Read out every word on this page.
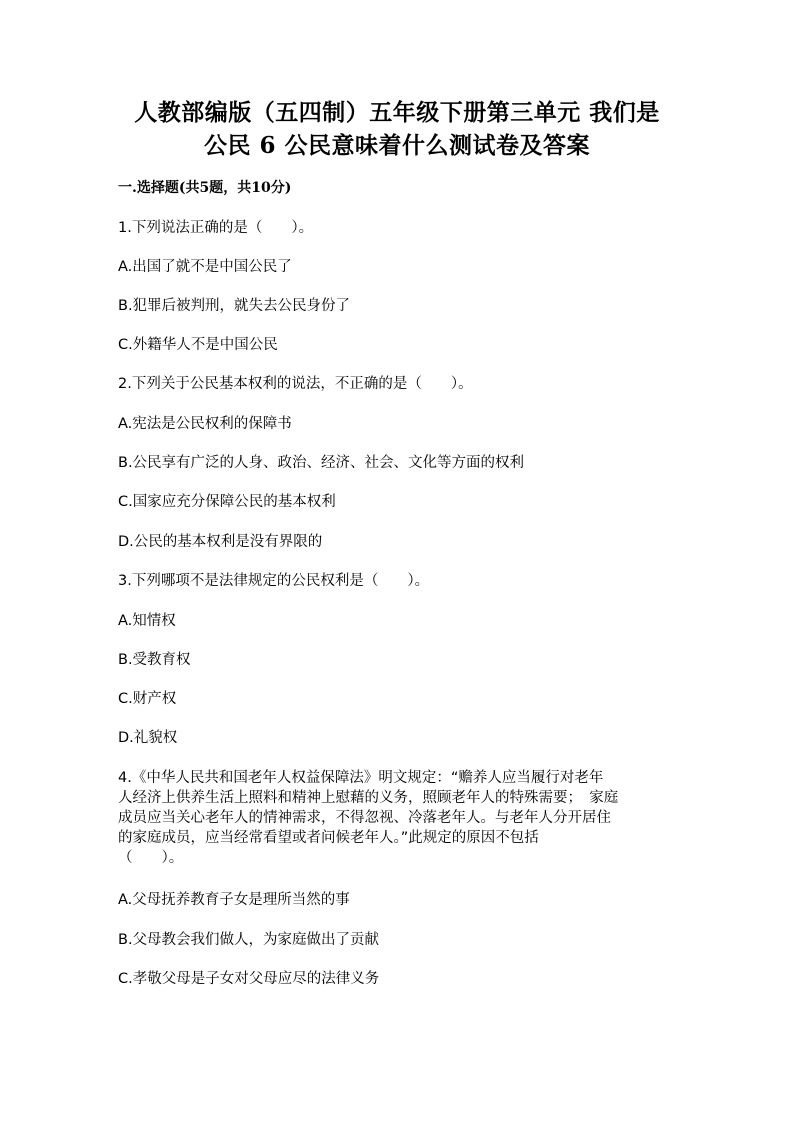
人教部编版（五四制）五年级下册第三单元 我们是
公民 6 公民意味着什么测试卷及答案
一.选择题(共5题，共10分)
1.下列说法正确的是（　　）。
A.出国了就不是中国公民了
B.犯罪后被判刑，就失去公民身份了
C.外籍华人不是中国公民
2.下列关于公民基本权利的说法，不正确的是（　　）。
A.宪法是公民权利的保障书
B.公民享有广泛的人身、政治、经济、社会、文化等方面的权利
C.国家应充分保障公民的基本权利
D.公民的基本权利是没有界限的
3.下列哪项不是法律规定的公民权利是（　　）。
A.知情权
B.受教育权
C.财产权
D.礼貌权
4.《中华人民共和国老年人权益保障法》明文规定：“赡养人应当履行对老年
人经济上供养生活上照料和精神上慰藉的义务，照顾老年人的特殊需要；　家庭
成员应当关心老年人的情神需求，不得忽视、冷落老年人。与老年人分开居住
的家庭成员，应当经常看望或者问候老年人。”此规定的原因不包括
（　　）。
A.父母抚养教育子女是理所当然的事
B.父母教会我们做人，为家庭做出了贡献
C.孝敬父母是子女对父母应尽的法律义务
